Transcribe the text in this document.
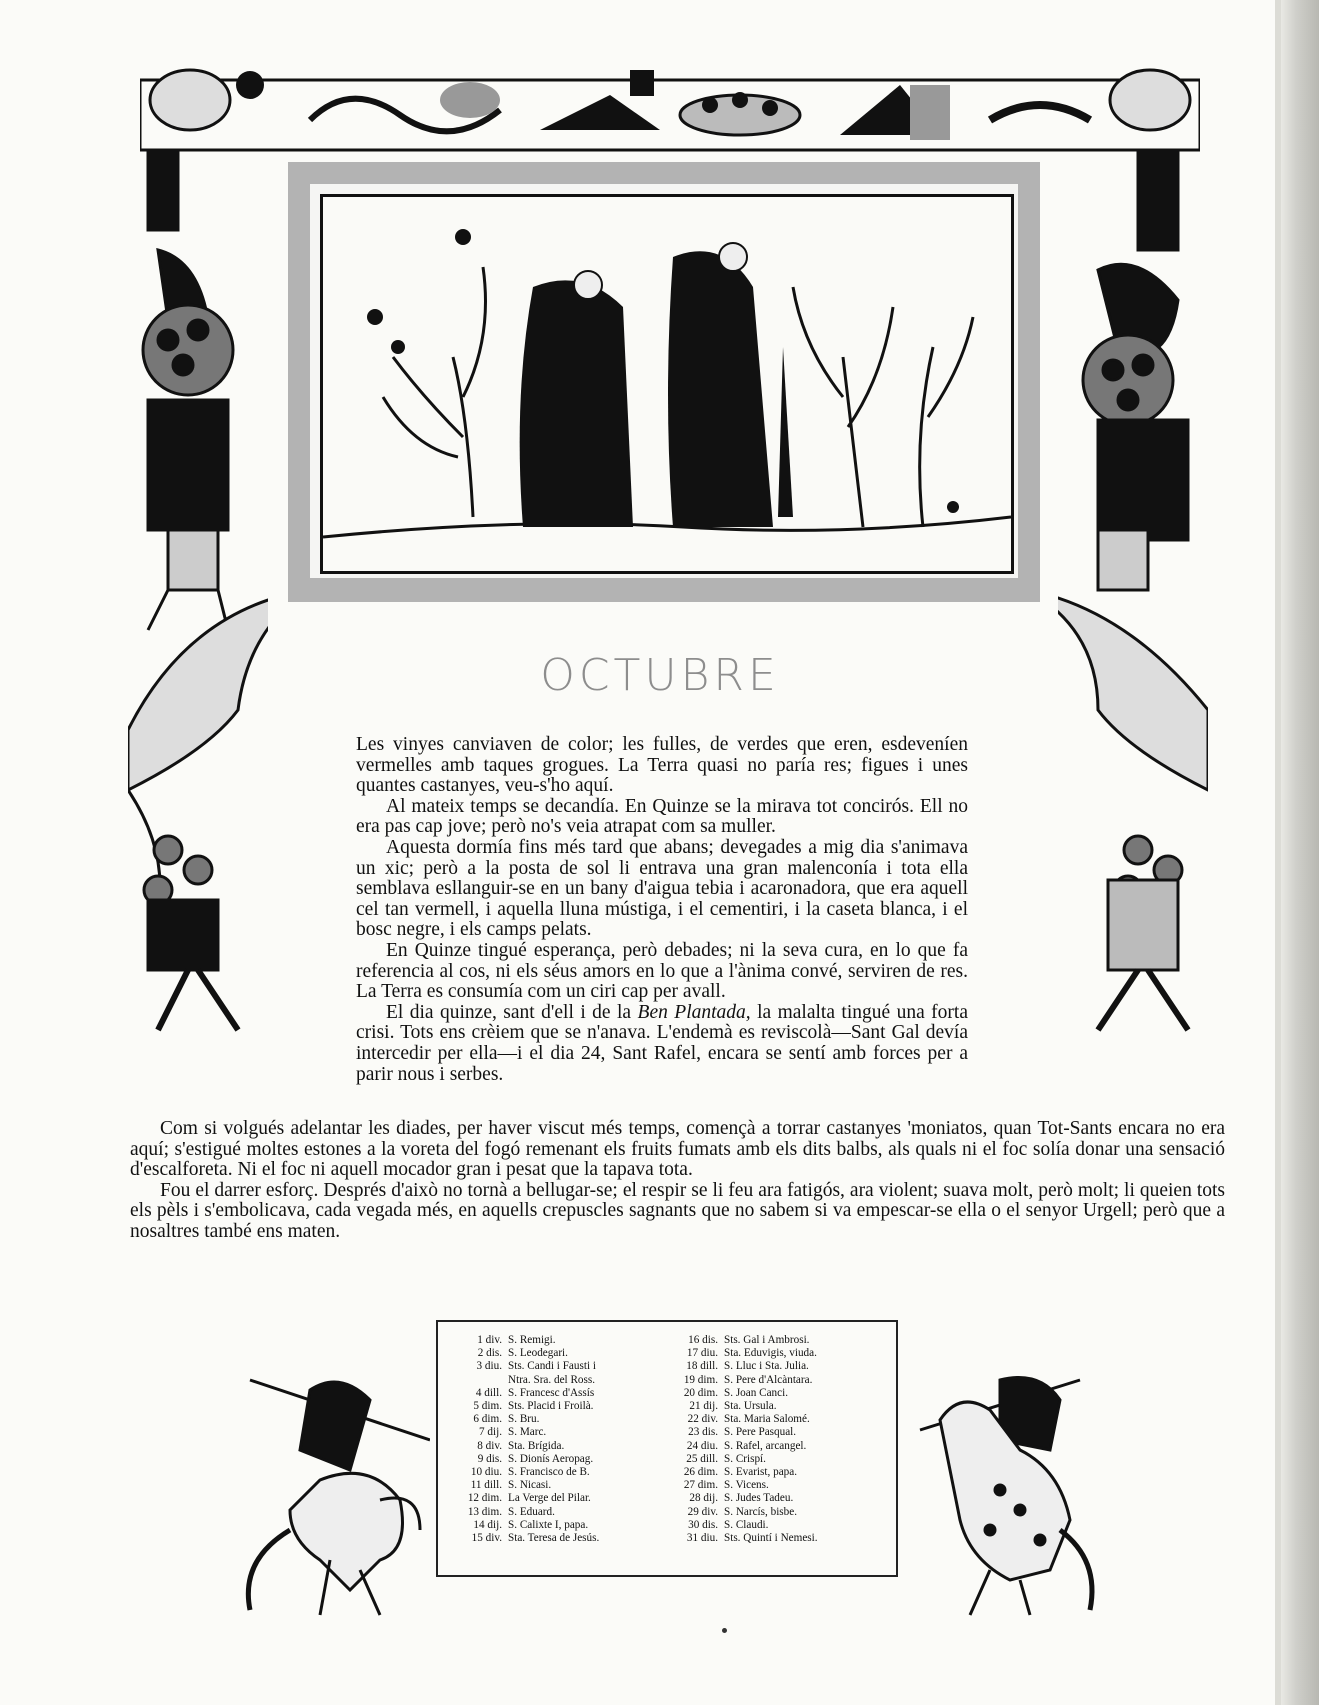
OCTUBRE

Les vinyes canviaven de color; les fulles, de verdes que eren, esdeveníen vermelles amb taques grogues. La Terra quasi no paría res; figues i unes quantes castanyes, veu-s'ho aquí.

Al mateix temps se decandía. En Quinze se la mirava tot concirós. Ell no era pas cap jove; però no's veia atrapat com sa muller.

Aquesta dormía fins més tard que abans; devegades a mig dia s'animava un xic; però a la posta de sol li entrava una gran malenconía i tota ella semblava esllanguir-se en un bany d'aigua tebia i acaronadora, que era aquell cel tan vermell, i aquella lluna mústiga, i el cementiri, i la caseta blanca, i el bosc negre, i els camps pelats.

En Quinze tingué esperança, però debades; ni la seva cura, en lo que fa referencia al cos, ni els séus amors en lo que a l'ànima convé, serviren de res. La Terra es consumía com un ciri cap per avall.

El dia quinze, sant d'ell i de la Ben Plantada, la malalta tingué una forta crisi. Tots ens crèiem que se n'anava. L'endemà es reviscolà—Sant Gal devía intercedir per ella—i el dia 24, Sant Rafel, encara se sentí amb forces per a parir nous i serbes.

Com si volgués adelantar les diades, per haver viscut més temps, començà a torrar castanyes 'moniatos, quan Tot-Sants encara no era aquí; s'estigué moltes estones a la voreta del fogó remenant els fruits fumats amb els dits balbs, als quals ni el foc solía donar una sensació d'escalforeta. Ni el foc ni aquell mocador gran i pesat que la tapava tota.

Fou el darrer esforç. Després d'això no tornà a bellugar-se; el respir se li feu ara fatigós, ara violent; suava molt, però molt; li queien tots els pèls i s'embolicava, cada vegada més, en aquells crepuscles sagnants que no sabem si va empescar-se ella o el senyor Urgell; però que a nosaltres també ens maten.

1 div. S. Remigi.
2 dis. S. Leodegari.
3 diu. Sts. Candi i Fausti i
Ntra. Sra. del Ross.
4 dill. S. Francesc d'Assís
5 dim. Sts. Placid i Froilà.
6 dim. S. Bru.
7 dij. S. Marc.
8 div. Sta. Brígida.
9 dis. S. Dionís Aeropag.
10 diu. S. Francisco de B.
11 dill. S. Nicasi.
12 dim. La Verge del Pilar.
13 dim. S. Eduard.
14 dij. S. Calixte I, papa.
15 div. Sta. Teresa de Jesús.
16 dis. Sts. Gal i Ambrosi.
17 diu. Sta. Eduvigis, viuda.
18 dill. S. Lluc i Sta. Julia.
19 dim. S. Pere d'Alcàntara.
20 dim. S. Joan Canci.
21 dij. Sta. Ursula.
22 div. Sta. Maria Salomé.
23 dis. S. Pere Pasqual.
24 diu. S. Rafel, arcangel.
25 dill. S. Crispí.
26 dim. S. Evarist, papa.
27 dim. S. Vicens.
28 dij. S. Judes Tadeu.
29 div. S. Narcís, bisbe.
30 dis. S. Claudi.
31 diu. Sts. Quintí i Nemesi.
